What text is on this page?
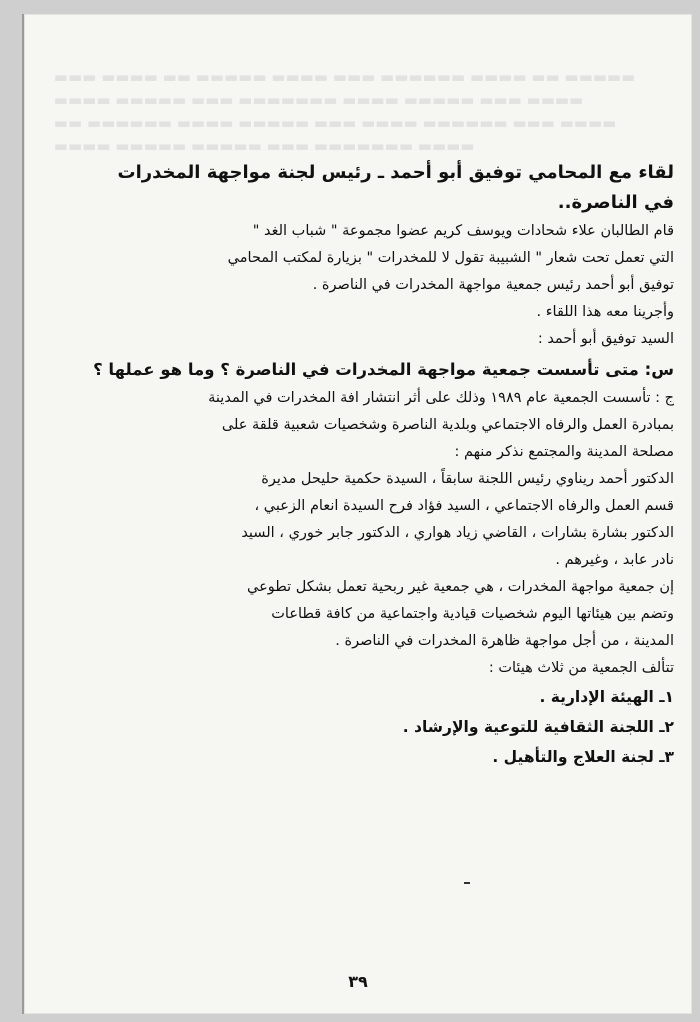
▬▬▬ ▬▬▬▬ ▬▬ ▬▬▬▬▬ ▬▬▬▬ ▬▬▬ ▬▬▬▬▬▬ ▬▬▬▬ ▬▬ ▬▬▬▬▬
▬▬▬▬ ▬▬▬▬▬ ▬▬▬ ▬▬▬▬▬▬▬ ▬▬▬▬ ▬▬▬▬▬ ▬▬▬ ▬▬▬▬
▬▬ ▬▬▬▬▬▬ ▬▬▬▬ ▬▬▬▬▬ ▬▬▬ ▬▬▬▬ ▬▬▬▬▬▬ ▬▬▬ ▬▬▬▬
▬▬▬▬ ▬▬▬▬▬ ▬▬▬▬▬ ▬▬▬ ▬▬▬▬▬▬▬ ▬▬▬▬
٣٩

لقاء مع المحامي توفيق أبو أحمد ـ رئيس لجنة مواجهة المخدرات

في الناصرة..

قام الطالبان علاء شحادات ويوسف كريم عضوا مجموعة " شباب الغد "

التي تعمل تحت شعار " الشبيبة تقول لا للمخدرات " بزيارة لمكتب المحامي

توفيق أبو أحمد رئيس جمعية مواجهة المخدرات في الناصرة .

وأجرينا معه هذا اللقاء .

السيد توفيق أبو أحمد :

س: متى تأسست جمعية مواجهة المخدرات في الناصرة ؟ وما هو عملها ؟

ج : تأسست الجمعية عام ١٩٨٩ وذلك على أثر انتشار افة المخدرات في المدينة

بمبادرة العمل والرفاه الاجتماعي وبلدية الناصرة وشخصيات شعبية قلقة على

مصلحة المدينة والمجتمع نذكر منهم :

الدكتور أحمد ريناوي رئيس اللجنة سابقاً ، السيدة حكمية حليحل مديرة

قسم العمل والرفاه الاجتماعي ، السيد فؤاد فرح السيدة انعام الزعبي ،

الدكتور بشارة بشارات ، القاضي زياد هواري ، الدكتور جابر خوري ، السيد

نادر عابد ، وغيرهم .

إن جمعية مواجهة المخدرات ، هي جمعية غير ربحية تعمل بشكل تطوعي

وتضم بين هيئاتها اليوم شخصيات قيادية واجتماعية من كافة قطاعات

المدينة ، من أجل مواجهة ظاهرة المخدرات في الناصرة .

تتألف الجمعية من ثلاث هيئات :

١ـ الهيئة الإدارية .

٢ـ اللجنة الثقافية للتوعية والإرشاد .

٣ـ لجنة العلاج والتأهيل .
